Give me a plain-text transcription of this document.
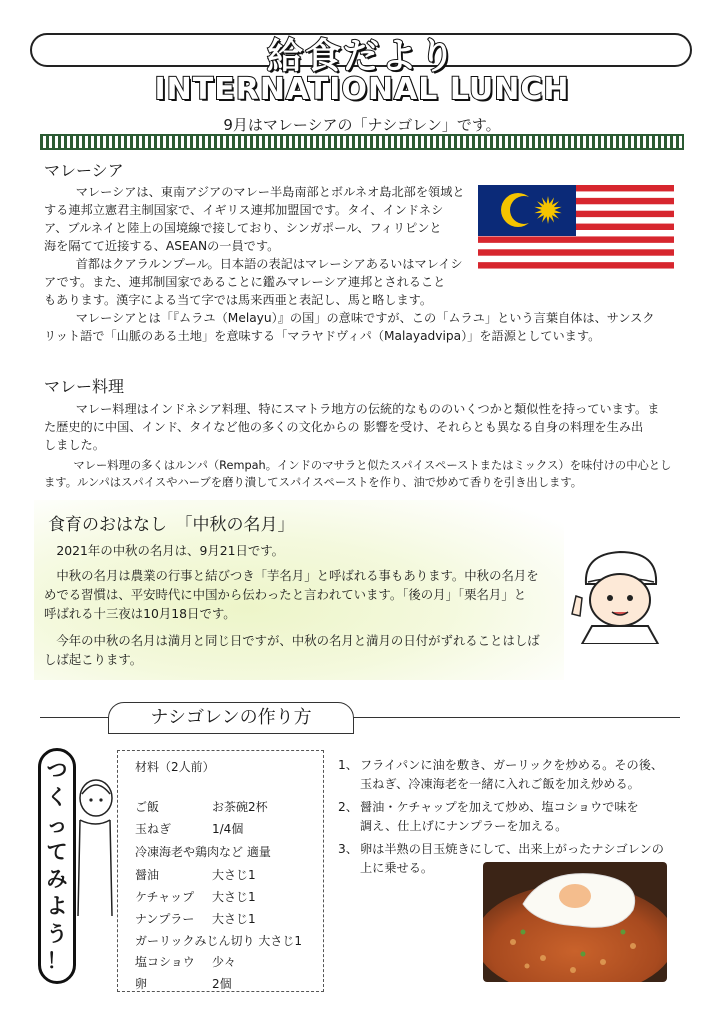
給食だより
INTERNATIONAL LUNCH
9月はマレーシアの「ナシゴレン」です。
マレーシア

マレーシアは、東南アジアのマレー半島南部とボルネオ島北部を領域と

する連邦立憲君主制国家で、イギリス連邦加盟国です。タイ、インドネシ

ア、ブルネイと陸上の国境線で接しており、シンガポール、フィリピンと

海を隔てて近接する、ASEANの一員です。

首都はクアラルンプール。日本語の表記はマレーシアあるいはマレイシ

アです。また、連邦制国家であることに鑑みマレーシア連邦とされること

もあります。漢字による当て字では馬来西亜と表記し、馬と略します。

マレーシアとは「『ムラユ（Melayu）』の国」の意味ですが、この「ムラユ」という言葉自体は、サンスク

リット語で「山脈のある土地」を意味する「マラヤドヴィパ（Malayadvipa）」を語源としています。

マレー料理

マレー料理はインドネシア料理、特にスマトラ地方の伝統的なもののいくつかと類似性を持っています。ま

た歴史的に中国、インド、タイなど他の多くの文化からの 影響を受け、それらとも異なる自身の料理を生み出

しました。

マレー料理の多くはルンパ（Rempah。インドのマサラと似たスパイスペーストまたはミックス）を味付けの中心とし

ます。ルンパはスパイスやハーブを磨り潰してスパイスペーストを作り、油で炒めて香りを引き出します。

食育のおはなし　「中秋の名月」

2021年の中秋の名月は、9月21日です。

中秋の名月は農業の行事と結びつき「芋名月」と呼ばれる事もあります。中秋の名月を

めでる習慣は、平安時代に中国から伝わったと言われています。「後の月」「栗名月」と

呼ばれる十三夜は10月18日です。

今年の中秋の名月は満月と同じ日ですが、中秋の名月と満月の日付がずれることはしば

しば起こります。

ナシゴレンの作り方
つ
く
っ
て
み
よ
う
！
材料（2人前）
ご飯	お茶碗2杯
玉ねぎ	1/4個
冷凍海老や鶏肉など 適量
醤油	大さじ1
ケチャップ 大さじ1
ナンプラー 大さじ1
ガーリックみじん切り 大さじ1
塩コショウ 少々
卵	2個
1、 フライパンに油を敷き、ガーリックを炒める。その後、

玉ねぎ、冷凍海老を一緒に入れご飯を加え炒める。

2、 醤油・ケチャップを加えて炒め、塩コショウで味を

調え、仕上げにナンプラーを加える。

3、 卵は半熟の目玉焼きにして、出来上がったナシゴレンの

上に乗せる。
